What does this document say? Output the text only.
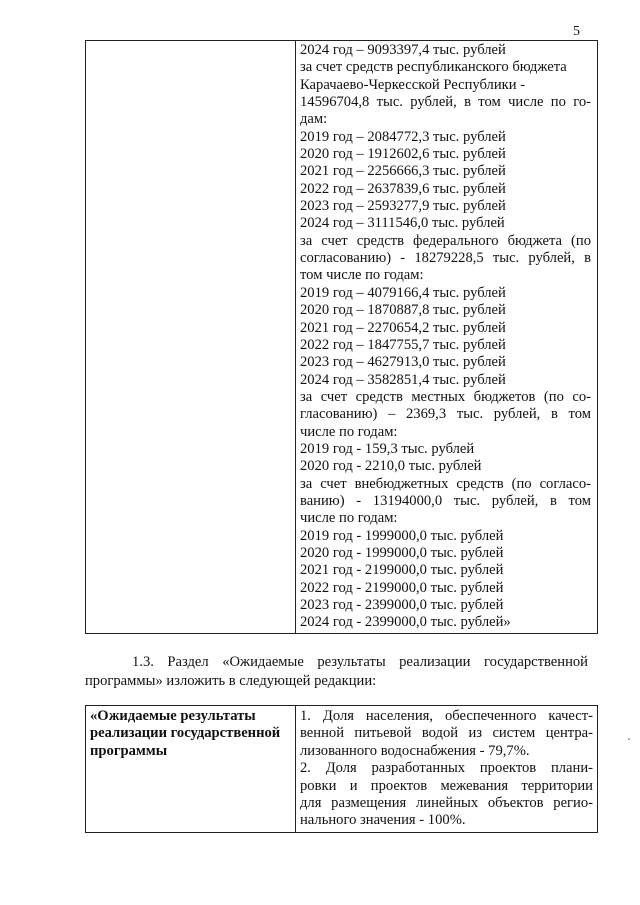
5

2024 год – 9093397,4 тыс. рублей
за счет средств республиканского бюджета
Карачаево-Черкесской Республики -
14596704,8 тыс. рублей, в том числе по го-
дам:
2019 год – 2084772,3 тыс. рублей
2020 год – 1912602,6 тыс. рублей
2021 год – 2256666,3 тыс. рублей
2022 год – 2637839,6 тыс. рублей
2023 год – 2593277,9 тыс. рублей
2024 год – 3111546,0 тыс. рублей
за счет средств федерального бюджета (по
согласованию) - 18279228,5 тыс. рублей, в
том числе по годам:
2019 год – 4079166,4 тыс. рублей
2020 год – 1870887,8 тыс. рублей
2021 год – 2270654,2 тыс. рублей
2022 год – 1847755,7 тыс. рублей
2023 год – 4627913,0 тыс. рублей
2024 год – 3582851,4 тыс. рублей
за счет средств местных бюджетов (по со-
гласованию) – 2369,3 тыс. рублей, в том
числе по годам:
2019 год - 159,3 тыс. рублей
2020 год - 2210,0 тыс. рублей
за счет внебюджетных средств (по согласо-
ванию) - 13194000,0 тыс. рублей, в том
числе по годам:
2019 год - 1999000,0 тыс. рублей
2020 год - 1999000,0 тыс. рублей
2021 год - 2199000,0 тыс. рублей
2022 год - 2199000,0 тыс. рублей
2023 год - 2399000,0 тыс. рублей
2024 год - 2399000,0 тыс. рублей»
1.3. Раздел «Ожидаемые результаты реализации государственной
программы» изложить в следующей редакции:
«Ожидаемые результаты
реализации государственной
программы

1. Доля населения, обеспеченного качест-
венной питьевой водой из систем центра-
лизованного водоснабжения - 79,7%.
2. Доля разработанных проектов плани-
ровки и проектов межевания территории
для размещения линейных объектов регио-
нального значения - 100%.
